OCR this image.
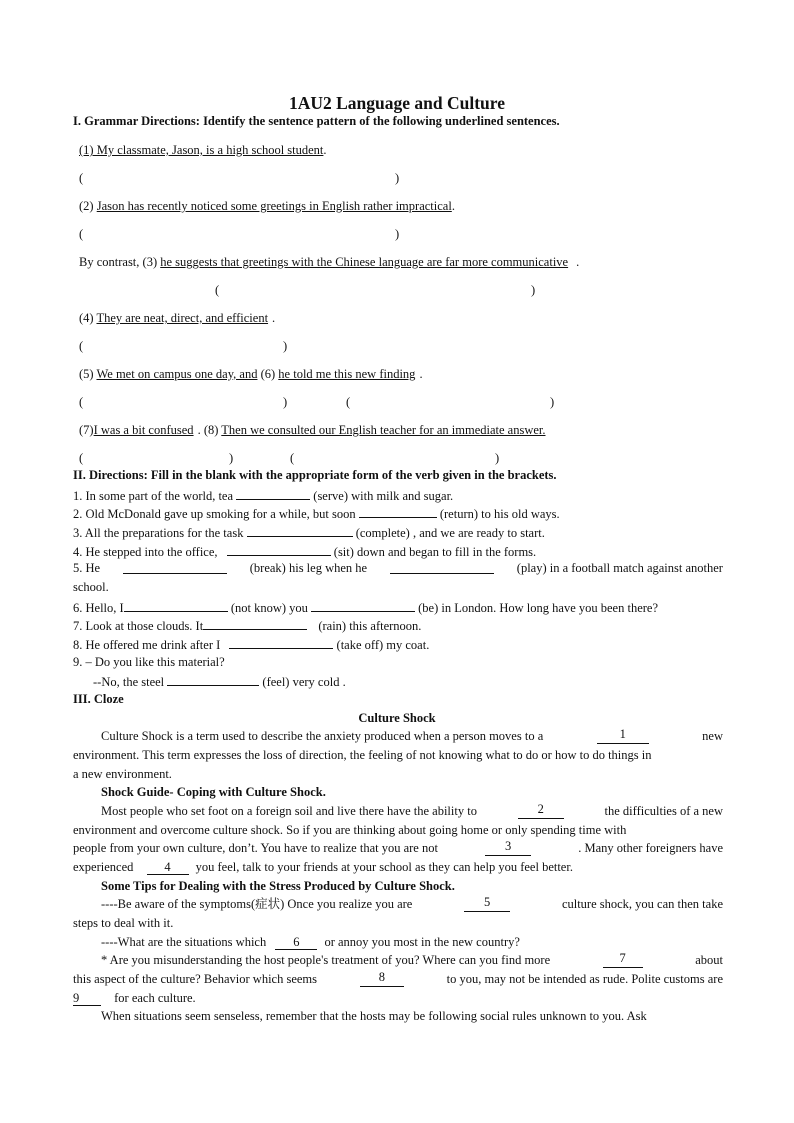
1AU2 Language and Culture
I. Grammar Directions: Identify the sentence pattern of the following underlined sentences.
(1) My classmate, Jason, is a high school student.
(	)
(2) Jason has recently noticed some greetings in English rather impractical.
(	)
By contrast, (3) he suggests that greetings with the Chinese language are far more communicative .
(	)
(4) They are neat, direct, and efficient .
(	)
(5) We met on campus one day, and (6) he told me this new finding .
(	)	(	)
(7)I was a bit confused . (8) Then we consulted our English teacher for an immediate answer.
(	)	(	)
II. Directions: Fill in the blank with the appropriate form of the verb given in the brackets.
1. In some part of the world, tea	(serve) with milk and sugar.
2. Old McDonald gave up smoking for a while, but soon	(return) to his old ways.
3. All the preparations for the task	(complete) , and we are ready to start.
4. He stepped into the office,	(sit) down and began to fill in the forms.
5. He	(break) his leg when he	(play) in a football match against another
school.
6. Hello, I	(not know) you	(be) in London. How long have you been there?
7. Look at those clouds. It	(rain) this afternoon.
8. He offered me drink after I	(take off) my coat.
9. – Do you like this material?
--No, the steel	(feel) very cold .
III. Cloze
Culture Shock
Culture Shock is a term used to describe the anxiety produced when a person moves to a	1	new
environment. This term expresses the loss of direction, the feeling of not knowing what to do or how to do things in
a new environment.
Shock Guide- Coping with Culture Shock.
Most people who set foot on a foreign soil and live there have the ability to	2	the difficulties of a new
environment and overcome culture shock. So if you are thinking about going home or only spending time with
people from your own culture, don’t. You have to realize that you are not	3	. Many other foreigners have
experienced 4 you feel, talk to your friends at your school as they can help you feel better.
Some Tips for Dealing with the Stress Produced by Culture Shock.
----Be aware of the symptoms(症状) Once you realize you are	5	culture shock, you can then take
steps to deal with it.
----What are the situations which 6 or annoy you most in the new country?
* Are you misunderstanding the host people's treatment of you? Where can you find more	7	about
this aspect of the culture? Behavior which seems	8	to you, may not be intended as rude. Polite customs are
9	for each culture.
When situations seem senseless, remember that the hosts may be following social rules unknown to you. Ask
